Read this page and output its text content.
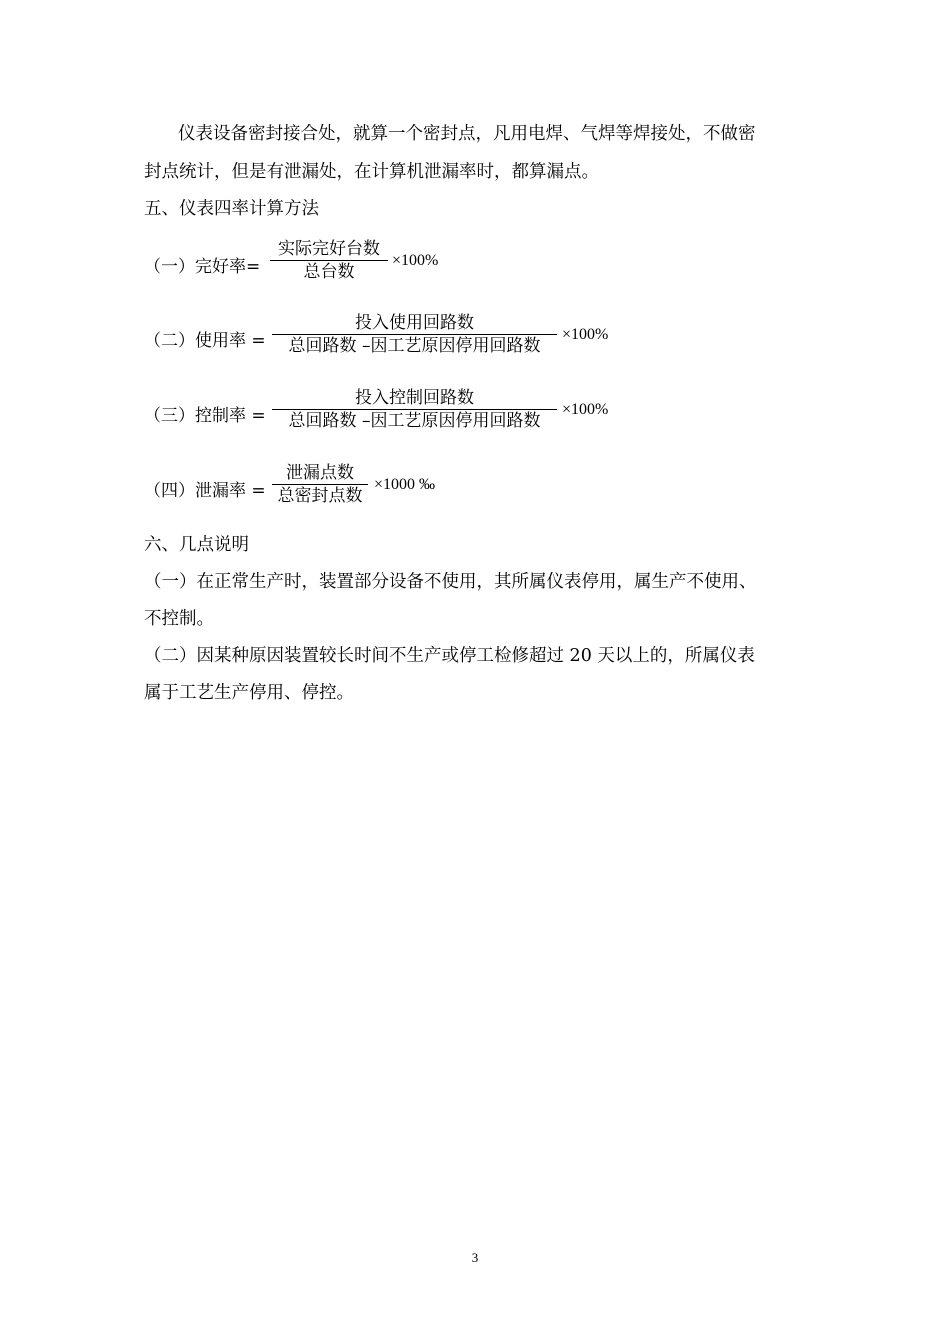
仪表设备密封接合处，就算一个密封点，凡用电焊、气焊等焊接处，不做密
封点统计，但是有泄漏处，在计算机泄漏率时，都算漏点。
五、仪表四率计算方法
（一）完好率=
实际完好台数
总台数
×100%
（二）使用率 =
投入使用回路数
总回路数 –因工艺原因停用回路数
×100%
（三）控制率 =
投入控制回路数
总回路数 –因工艺原因停用回路数
×100%
（四）泄漏率 =
泄漏点数
总密封点数
×1000 ‰
六、几点说明
（一）在正常生产时，装置部分设备不使用，其所属仪表停用，属生产不使用、
不控制。
（二）因某种原因装置较长时间不生产或停工检修超过 20 天以上的，所属仪表
属于工艺生产停用、停控。
3
